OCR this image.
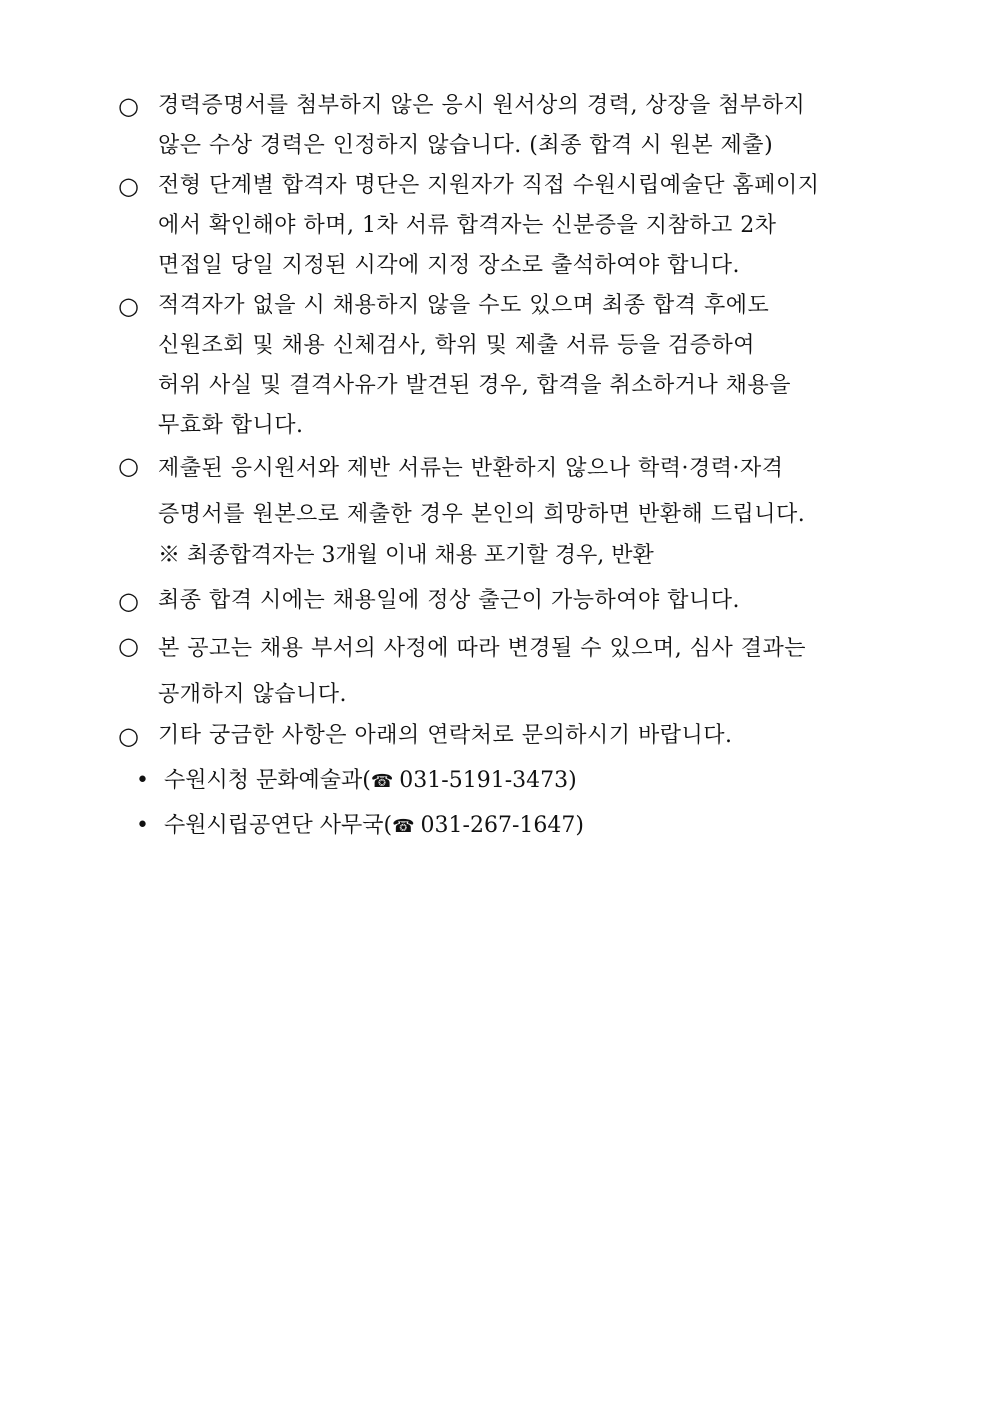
○ 경력증명서를 첨부하지 않은 응시 원서상의 경력, 상장을 첨부하지
않은 수상 경력은 인정하지 않습니다. (최종 합격 시 원본 제출)
○ 전형 단계별 합격자 명단은 지원자가 직접 수원시립예술단 홈페이지
에서 확인해야 하며, 1차 서류 합격자는 신분증을 지참하고 2차
면접일 당일 지정된 시각에 지정 장소로 출석하여야 합니다.
○ 적격자가 없을 시 채용하지 않을 수도 있으며 최종 합격 후에도
신원조회 및 채용 신체검사, 학위 및 제출 서류 등을 검증하여
허위 사실 및 결격사유가 발견된 경우, 합격을 취소하거나 채용을
무효화 합니다.
○ 제출된 응시원서와 제반 서류는 반환하지 않으나 학력·경력·자격
증명서를 원본으로 제출한 경우 본인의 희망하면 반환해 드립니다.
※ 최종합격자는 3개월 이내 채용 포기할 경우, 반환
○ 최종 합격 시에는 채용일에 정상 출근이 가능하여야 합니다.
○ 본 공고는 채용 부서의 사정에 따라 변경될 수 있으며, 심사 결과는
공개하지 않습니다.
○ 기타 궁금한 사항은 아래의 연락처로 문의하시기 바랍니다.
• 수원시청 문화예술과(☎ 031-5191-3473)
• 수원시립공연단 사무국(☎ 031-267-1647)
